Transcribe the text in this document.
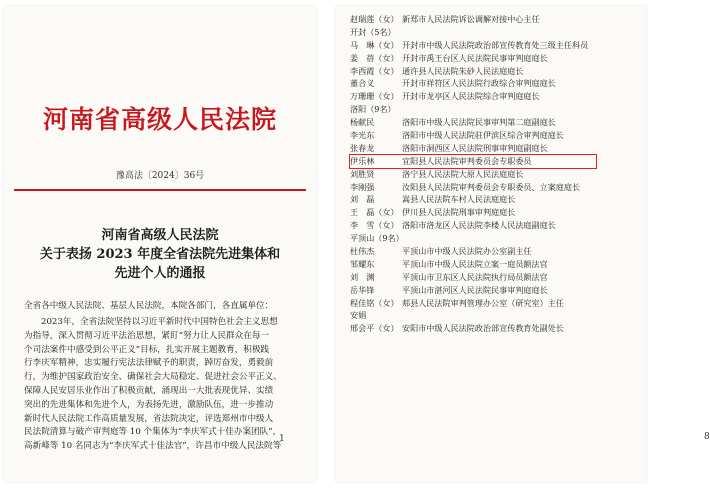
河南省高级人民法院
豫高法〔2024〕36号
河南省高级人民法院
关于表扬 2023 年度全省法院先进集体和
先进个人的通报
全省各中级人民法院、基层人民法院，本院各部门，各直属单位：
2023年，全省法院坚持以习近平新时代中国特色社会主义思想
为指导，深入贯彻习近平法治思想，紧盯“努力让人民群众在每一
个司法案件中感受到公平正义”目标，扎实开展主题教育，积极践
行李庆军精神，忠实履行宪法法律赋予的职责，踔厉奋发，勇毅前
行，为维护国家政治安全、确保社会大局稳定、促进社会公平正义、
保障人民安居乐业作出了积极贡献，涌现出一大批表现优异、实绩
突出的先进集体和先进个人，为表扬先进，激励队伍，进一步推动
新时代人民法院工作高质量发展，省法院决定，评选郑州市中级人
民法院清算与破产审判庭等 10 个集体为“李庆军式十佳办案团队”，
高新峰等 10 名同志为“李庆军式十佳法官”，许昌市中级人民法院等
1
赵瑞莲（女） 新郑市人民法院诉讼调解对接中心主任
开封（5名）
马　琳（女） 开封市中级人民法院政治部宣传教育处三级主任科员
姜　蓓（女） 开封市禹王台区人民法院民事审判庭庭长
李西霞（女） 通许县人民法院朱砂人民法庭庭长
董合义	开封市祥符区人民法院行政综合审判庭庭长
万珊珊（女） 开封市龙亭区人民法院综合审判庭庭长
洛阳（9名）
杨献民	洛阳市中级人民法院民事审判第二庭副庭长
李光东	洛阳市中级人民法院驻伊滨区综合审判庭庭长
张春龙	洛阳市洞西区人民法院刑事审判庭副庭长
伊乐林	宜阳县人民法院审判委员会专职委员
刘胜贤	洛宁县人民法院大原人民法庭庭长
李刚强	汝阳县人民法院审判委员会专职委员、立案庭庭长
刘　磊	嵩县人民法院车村人民法庭庭长
王　磊（女） 伊川县人民法院刑事审判庭庭长
李　雪（女） 洛阳市洛龙区人民法院李楼人民法庭副庭长
平顶山（9名）
杜伟杰	平顶山市中级人民法院办公室副主任
邹耀东	平顶山市中级人民法院立案一庭员额法官
刘　渊	平顶山市卫东区人民法院执行局员额法官
岳华锋	平顶山市湛河区人民法院民事审判庭庭长
程佳铭（女） 郏县人民法院审判管理办公室（研究室）主任
安娟
邢会平（女） 安阳市中级人民法院政治部宣传教育处副处长
8
